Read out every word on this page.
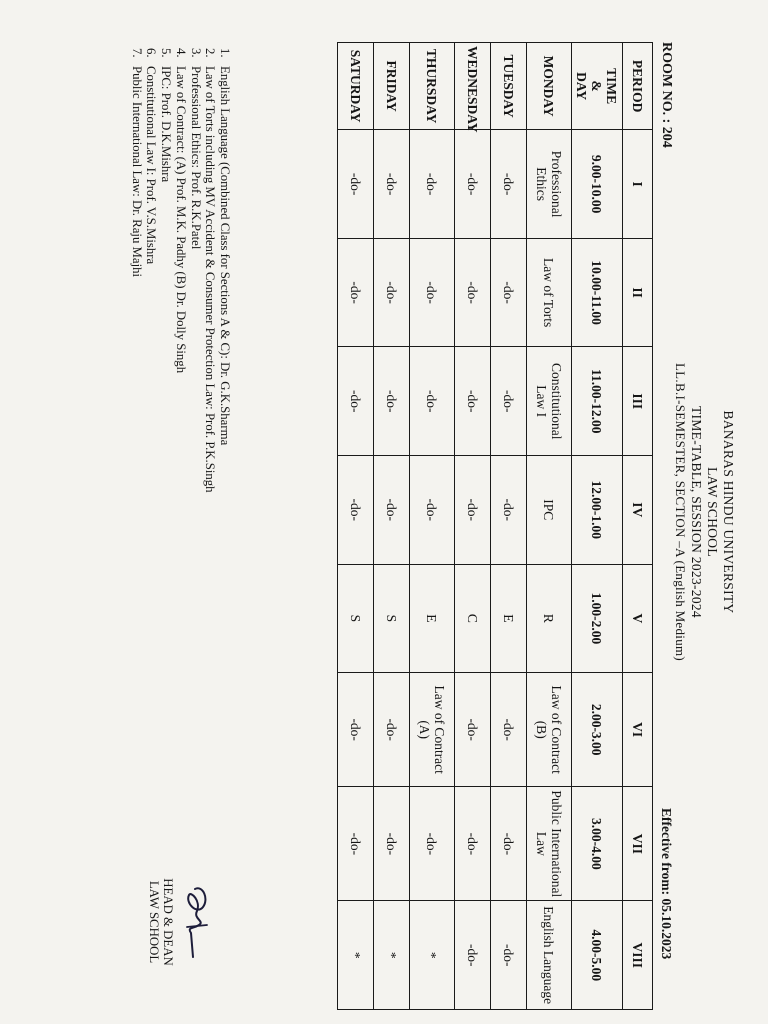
BANARAS HINDU UNIVERSITY
LAW SCHOOL
TIME-TABLE, SESSION 2023-2024
LL.B.I-SEMESTER, SECTION –A (English Medium)
ROOM NO. : 204
Effective from: 05.10.2023
PERIOD	I	II	III	IV	V	VI	VII	VIII

TIME
&
DAY	9.00-10.00	10.00-11.00	11.00-12.00	12.00-1.00	1.00-2.00	2.00-3.00	3.00-4.00	4.00-5.00
MONDAY	Professional Ethics	Law of Torts	Constitutional Law I	IPC	R	Law of Contract (B)	Public International Law	English Language
TUESDAY	-do-	-do-	-do-	-do-	E	-do-	-do-	-do-
WEDNESDAY	-do-	-do-	-do-	-do-	C	-do-	-do-	-do-
THURSDAY	-do-	-do-	-do-	-do-	E	Law of Contract (A)	-do-	*
FRIDAY	-do-	-do-	-do-	-do-	S	-do-	-do-	*
SATURDAY	-do-	-do-	-do-	-do-	S	-do-	-do-	*
1.English Language (Combined Class for Sections A & C): Dr. G.K.Sharma
2.Law of Torts including MV Accident & Consumer Protection Law: Prof. P.K.Singh
3.Professional Ethics: Prof. R.K.Patel
4.Law of Contract: (A) Prof. M.K. Padhy (B) Dr. Dolly Singh
5.IPC: Prof. D.K.Mishra
6.Constitutional Law I: Prof. V.S.Mishra
7.Public International Law: Dr. Raju Majhi
HEAD & DEAN
LAW SCHOOL
